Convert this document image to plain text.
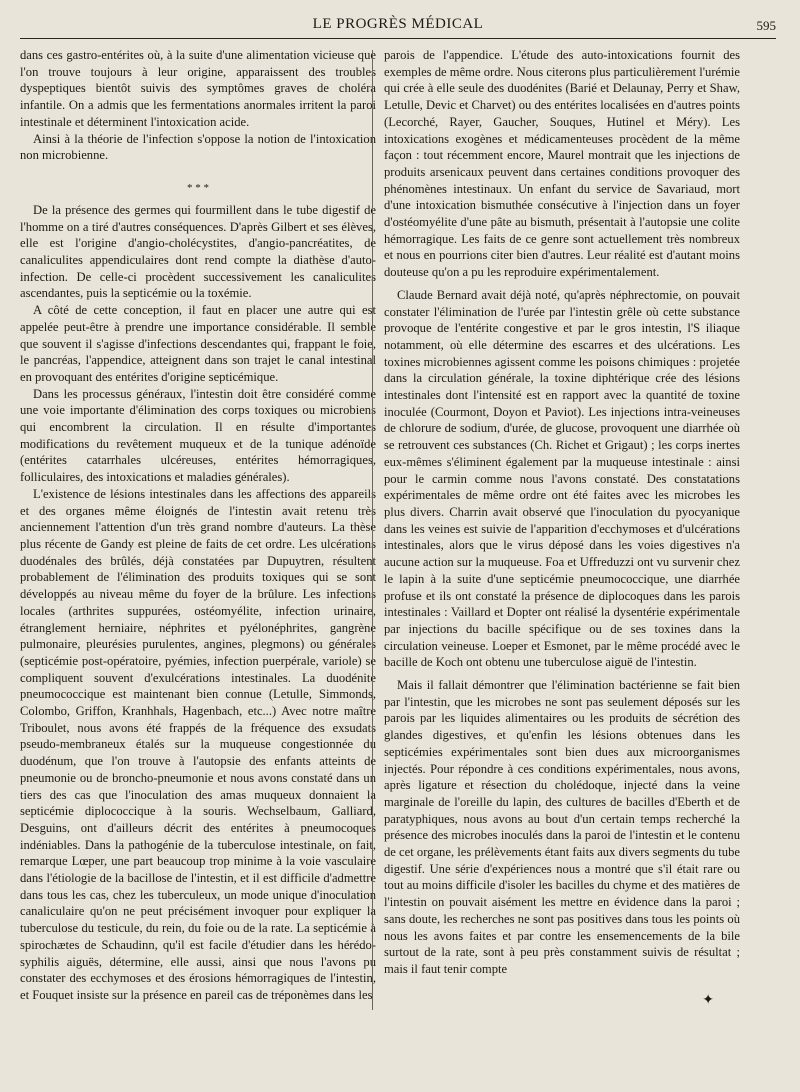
LE PROGRÈS MÉDICAL	595

dans ces gastro-entérites où, à la suite d'une alimentation vicieuse que l'on trouve toujours à leur origine, apparaissent des troubles dyspeptiques bientôt suivis des symptômes graves de choléra infantile. On a admis que les fermentations anormales irritent la paroi intestinale et déterminent l'intoxication acide.

Ainsi à la théorie de l'infection s'oppose la notion de l'intoxication non microbienne.

* * *

De la présence des germes qui fourmillent dans le tube digestif de l'homme on a tiré d'autres conséquences. D'après Gilbert et ses élèves, elle est l'origine d'angio-cholécystites, d'angio-pancréatites, de canaliculites appendiculaires dont rend compte la diathèse d'auto-infection. De celle-ci procèdent successivement les canaliculites ascendantes, puis la septicémie ou la toxémie.

A côté de cette conception, il faut en placer une autre qui est appelée peut-être à prendre une importance considérable. Il semble que souvent il s'agisse d'infections descendantes qui, frappant le foie, le pancréas, l'appendice, atteignent dans son trajet le canal intestinal en provoquant des entérites d'origine septicémique.

Dans les processus généraux, l'intestin doit être considéré comme une voie importante d'élimination des corps toxiques ou microbiens qui encombrent la circulation. Il en résulte d'importantes modifications du revêtement muqueux et de la tunique adénoïde (entérites catarrhales ulcéreuses, entérites hémorragiques, folliculaires, des intoxications et maladies générales).

L'existence de lésions intestinales dans les affections des appareils et des organes même éloignés de l'intestin avait retenu très anciennement l'attention d'un très grand nombre d'auteurs. La thèse plus récente de Gandy est pleine de faits de cet ordre. Les ulcérations duodénales des brûlés, déjà constatées par Dupuytren, résultent probablement de l'élimination des produits toxiques qui se sont développés au niveau même du foyer de la brûlure. Les infections locales (arthrites suppurées, ostéomyélite, infection urinaire, étranglement herniaire, néphrites et pyélonéphrites, gangrène pulmonaire, pleurésies purulentes, angines, plegmons) ou générales (septicémie post-opératoire, pyémies, infection puerpérale, variole) se compliquent souvent d'exulcérations intestinales. La duodénite pneumococcique est maintenant bien connue (Letulle, Simmonds, Colombo, Griffon, Kranhhals, Hagenbach, etc...) Avec notre maître Triboulet, nous avons été frappés de la fréquence des exsudats pseudo-membraneux étalés sur la muqueuse congestionnée du duodénum, que l'on trouve à l'autopsie des enfants atteints de pneumonie ou de broncho-pneumonie et nous avons constaté dans un tiers des cas que l'inoculation des amas muqueux donnaient la septicémie diplococcique à la souris. Wechselbaum, Galliard, Desguins, ont d'ailleurs décrit des entérites à pneumocoques indéniables. Dans la pathogénie de la tuberculose intestinale, on fait, remarque Lœper, une part beaucoup trop minime à la voie vasculaire dans l'étiologie de la bacillose de l'intestin, et il est difficile d'admettre dans tous les cas, chez les tuberculeux, un mode unique d'inoculation canaliculaire qu'on ne peut précisément invoquer pour expliquer la tuberculose du testicule, du rein, du foie ou de la rate. La septicémie à spirochætes de Schaudinn, qu'il est facile d'étudier dans les hérédo-syphilis aiguës, détermine, elle aussi, ainsi que nous l'avons pu constater des ecchymoses et des érosions hémorragiques de l'intestin, et Fouquet insiste sur la présence en pareil cas de tréponèmes dans les

parois de l'appendice. L'étude des auto-intoxications fournit des exemples de même ordre. Nous citerons plus particulièrement l'urémie qui crée à elle seule des duodénites (Barié et Delaunay, Perry et Shaw, Letulle, Devic et Charvet) ou des entérites localisées en d'autres points (Lecorché, Rayer, Gaucher, Souques, Hutinel et Méry). Les intoxications exogènes et médicamenteuses procèdent de la même façon : tout récemment encore, Maurel montrait que les injections de produits arsenicaux peuvent dans certaines conditions provoquer des phénomènes intestinaux. Un enfant du service de Savariaud, mort d'une intoxication bismuthée consécutive à l'injection dans un foyer d'ostéomyélite d'une pâte au bismuth, présentait à l'autopsie une colite hémorragique. Les faits de ce genre sont actuellement très nombreux et nous en pourrions citer bien d'autres. Leur réalité est d'autant moins douteuse qu'on a pu les reproduire expérimentalement.

Claude Bernard avait déjà noté, qu'après néphrectomie, on pouvait constater l'élimination de l'urée par l'intestin grêle où cette substance provoque de l'entérite congestive et par le gros intestin, l'S iliaque notamment, où elle détermine des escarres et des ulcérations. Les toxines microbiennes agissent comme les poisons chimiques : projetée dans la circulation générale, la toxine diphtérique crée des lésions intestinales dont l'intensité est en rapport avec la quantité de toxine inoculée (Courmont, Doyon et Paviot). Les injections intra-veineuses de chlorure de sodium, d'urée, de glucose, provoquent une diarrhée où se retrouvent ces substances (Ch. Richet et Grigaut) ; les corps inertes eux-mêmes s'éliminent également par la muqueuse intestinale : ainsi pour le carmin comme nous l'avons constaté. Des constatations expérimentales de même ordre ont été faites avec les microbes les plus divers. Charrin avait observé que l'inoculation du pyocyanique dans les veines est suivie de l'apparition d'ecchymoses et d'ulcérations intestinales, alors que le virus déposé dans les voies digestives n'a aucune action sur la muqueuse. Foa et Uffreduzzi ont vu survenir chez le lapin à la suite d'une septicémie pneumococcique, une diarrhée profuse et ils ont constaté la présence de diplocoques dans les parois intestinales : Vaillard et Dopter ont réalisé la dysentérie expérimentale par injections du bacille spécifique ou de ses toxines dans la circulation veineuse. Loeper et Esmonet, par le même procédé avec le bacille de Koch ont obtenu une tuberculose aiguë de l'intestin.

Mais il fallait démontrer que l'élimination bactérienne se fait bien par l'intestin, que les microbes ne sont pas seulement déposés sur les parois par les liquides alimentaires ou les produits de sécrétion des glandes digestives, et qu'enfin les lésions obtenues dans les septicémies expérimentales sont bien dues aux microorganismes injectés. Pour répondre à ces conditions expérimentales, nous avons, après ligature et résection du cholédoque, injecté dans la veine marginale de l'oreille du lapin, des cultures de bacilles d'Eberth et de paratyphiques, nous avons au bout d'un certain temps recherché la présence des microbes inoculés dans la paroi de l'intestin et le contenu de cet organe, les prélèvements étant faits aux divers segments du tube digestif. Une série d'expériences nous a montré que s'il était rare ou tout au moins difficile d'isoler les bacilles du chyme et des matières de l'intestin on pouvait aisément les mettre en évidence dans la paroi ; sans doute, les recherches ne sont pas positives dans tous les points où nous les avons faites et par contre les ensemencements de la bile surtout de la rate, sont à peu près constamment suivis de résultat ; mais il faut tenir compte

✦
